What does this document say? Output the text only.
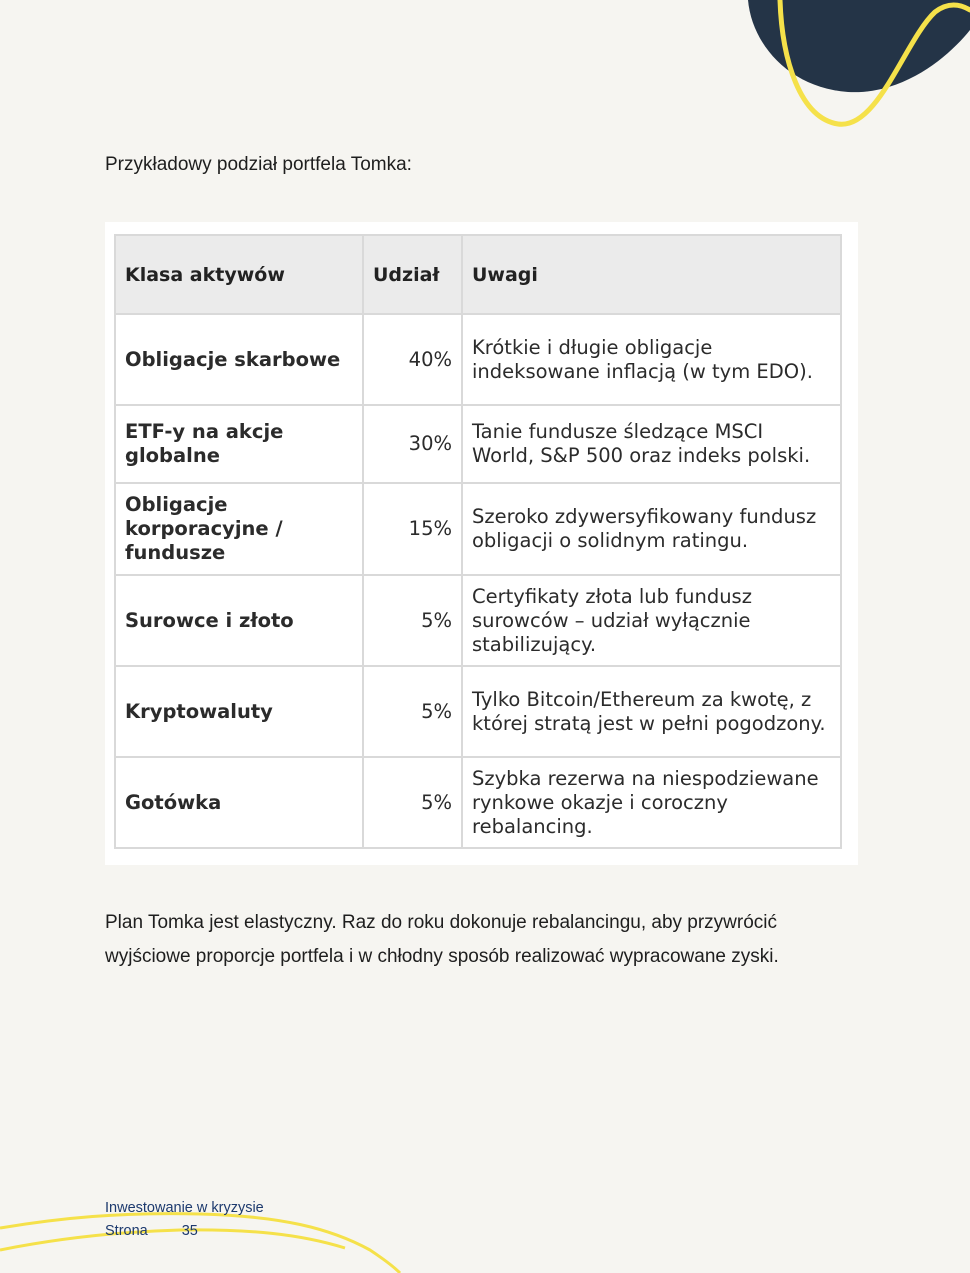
Przykładowy podział portfela Tomka:

Klasa aktywów	Udział	Uwagi
Obligacje skarbowe	40%	Krótkie i długie obligacje indeksowane inflacją (w tym EDO).
ETF-y na akcje globalne	30%	Tanie fundusze śledzące MSCI World, S&P 500 oraz indeks polski.
Obligacje korporacyjne / fundusze	15%	Szeroko zdywersyfikowany fundusz obligacji o solidnym ratingu.
Surowce i złoto	5%	Certyfikaty złota lub fundusz surowców – udział wyłącznie stabilizujący.
Kryptowaluty	5%	Tylko Bitcoin/Ethereum za kwotę, z której stratą jest w pełni pogodzony.
Gotówka	5%	Szybka rezerwa na niespodziewane rynkowe okazje i coroczny rebalancing.

Plan Tomka jest elastyczny. Raz do roku dokonuje rebalancingu, aby przywrócić wyjściowe proporcje portfela i w chłodny sposób realizować wypracowane zyski.

Inwestowanie w kryzysie
Strona 35
